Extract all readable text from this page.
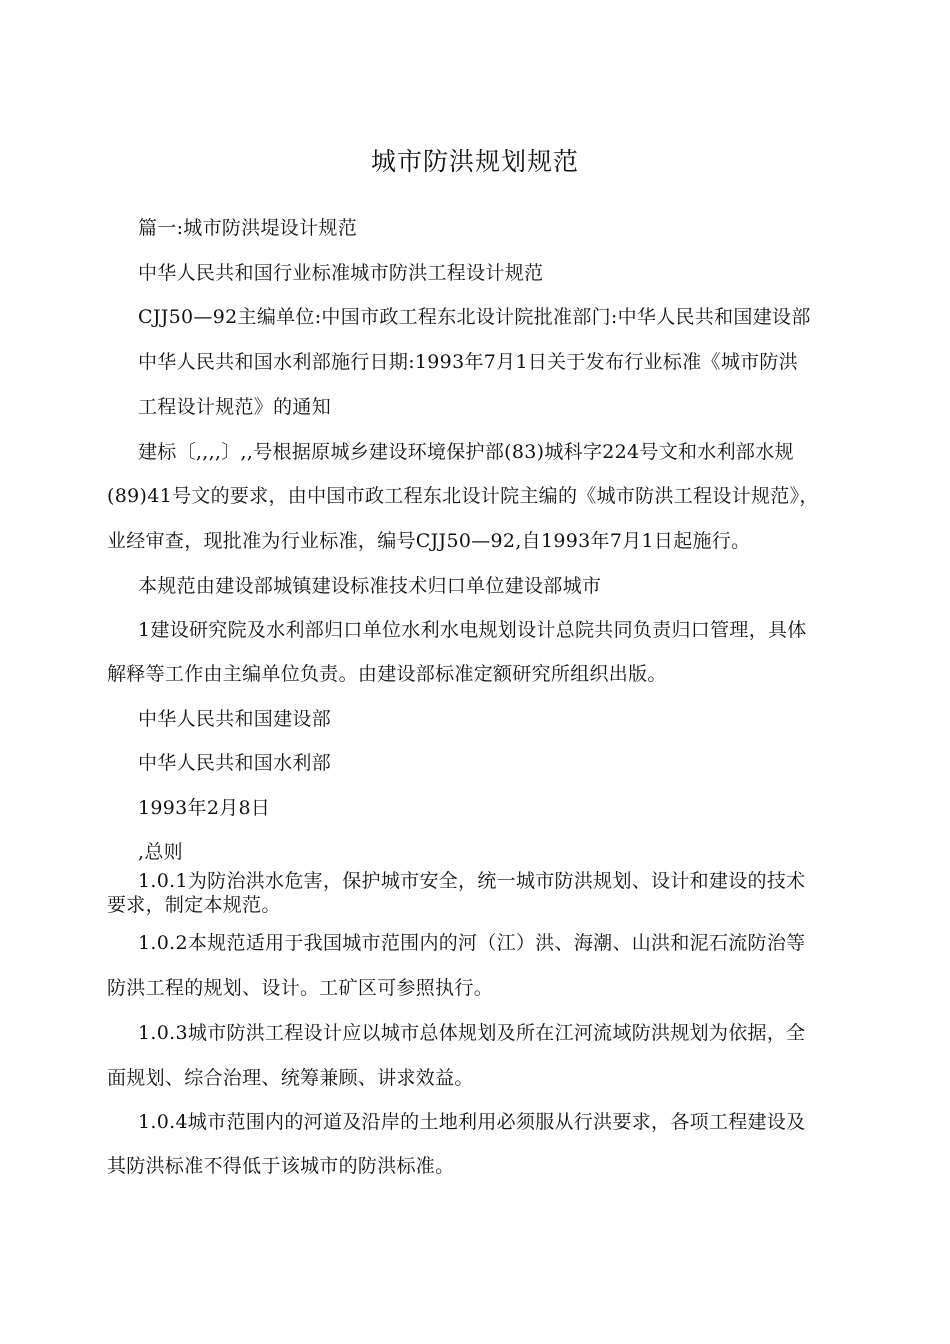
城市防洪规划规范
篇一:城市防洪堤设计规范
中华人民共和国行业标准城市防洪工程设计规范
CJJ50—92主编单位:中国市政工程东北设计院批准部门:中华人民共和国建设部
中华人民共和国水利部施行日期:1993年7月1日关于发布行业标准《城市防洪
工程设计规范》的通知
建标〔,,,,〕,,号根据原城乡建设环境保护部(83)城科字224号文和水利部水规
(89)41号文的要求，由中国市政工程东北设计院主编的《城市防洪工程设计规范》，
业经审查，现批准为行业标准，编号CJJ50—92,自1993年7月1日起施行。
本规范由建设部城镇建设标准技术归口单位建设部城市
1建设研究院及水利部归口单位水利水电规划设计总院共同负责归口管理，具体
解释等工作由主编单位负责。由建设部标准定额研究所组织出版。
中华人民共和国建设部
中华人民共和国水利部
1993年2月8日
,总则
1.0.1为防治洪水危害，保护城市安全，统一城市防洪规划、设计和建设的技术
要求，制定本规范。
1.0.2本规范适用于我国城市范围内的河（江）洪、海潮、山洪和泥石流防治等
防洪工程的规划、设计。工矿区可参照执行。
1.0.3城市防洪工程设计应以城市总体规划及所在江河流域防洪规划为依据，全
面规划、综合治理、统筹兼顾、讲求效益。
1.0.4城市范围内的河道及沿岸的土地利用必须服从行洪要求，各项工程建设及
其防洪标准不得低于该城市的防洪标准。
